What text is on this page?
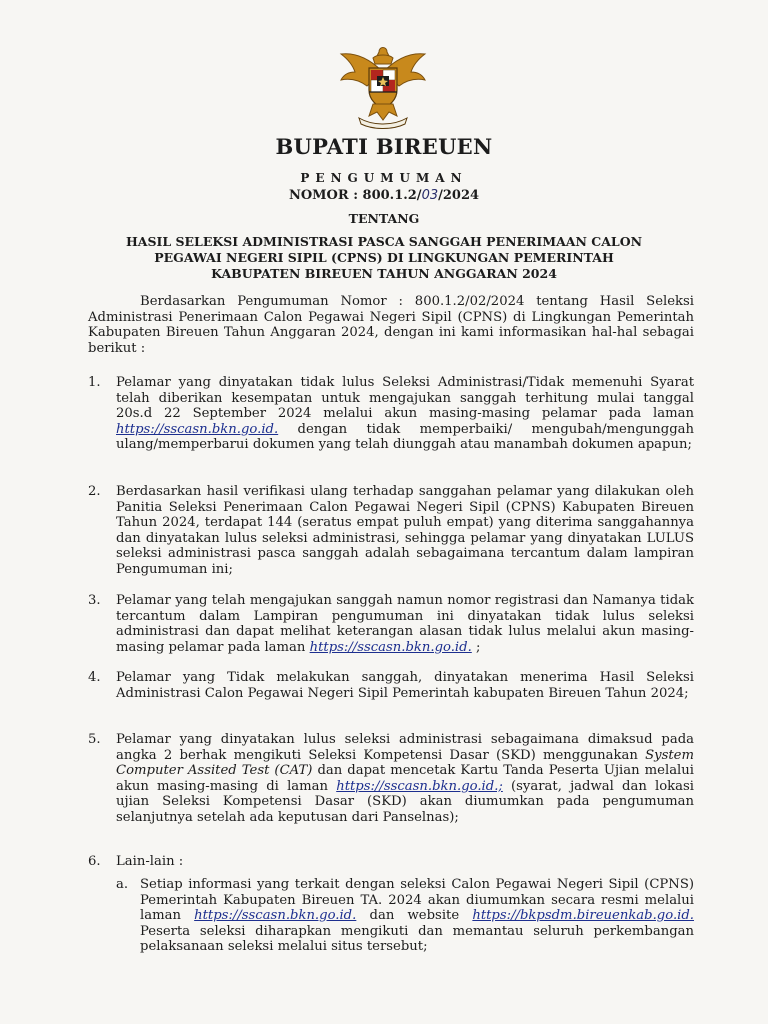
BUPATI BIREUEN
PENGUMUMAN
NOMOR : 800.1.2/03/2024
TENTANG
HASIL SELEKSI ADMINISTRASI PASCA SANGGAH PENERIMAAN CALON
PEGAWAI NEGERI SIPIL (CPNS) DI LINGKUNGAN PEMERINTAH
KABUPATEN BIREUEN TAHUN ANGGARAN 2024
Berdasarkan Pengumuman Nomor : 800.1.2/02/2024 tentang Hasil Seleksi Administrasi Penerimaan Calon Pegawai Negeri Sipil (CPNS) di Lingkungan Pemerintah Kabupaten Bireuen Tahun Anggaran 2024, dengan ini kami informasikan hal-hal sebagai berikut :
1. Pelamar yang dinyatakan tidak lulus Seleksi Administrasi/Tidak memenuhi Syarat telah diberikan kesempatan untuk mengajukan sanggah terhitung mulai tanggal 20s.d 22 September 2024 melalui akun masing-masing pelamar pada laman https://sscasn.bkn.go.id. dengan tidak memperbaiki/ mengubah/mengunggah ulang/memperbarui dokumen yang telah diunggah atau manambah dokumen apapun;
2. Berdasarkan hasil verifikasi ulang terhadap sanggahan pelamar yang dilakukan oleh Panitia Seleksi Penerimaan Calon Pegawai Negeri Sipil (CPNS) Kabupaten Bireuen Tahun 2024, terdapat 144 (seratus empat puluh empat) yang diterima sanggahannya dan dinyatakan lulus seleksi administrasi, sehingga pelamar yang dinyatakan LULUS seleksi administrasi pasca sanggah adalah sebagaimana tercantum dalam lampiran Pengumuman ini;
3. Pelamar yang telah mengajukan sanggah namun nomor registrasi dan Namanya tidak tercantum dalam Lampiran pengumuman ini dinyatakan tidak lulus seleksi administrasi dan dapat melihat keterangan alasan tidak lulus melalui akun masing-masing pelamar pada laman https://sscasn.bkn.go.id. ;
4. Pelamar yang Tidak melakukan sanggah, dinyatakan menerima Hasil Seleksi Administrasi Calon Pegawai Negeri Sipil Pemerintah kabupaten Bireuen Tahun 2024;
5. Pelamar yang dinyatakan lulus seleksi administrasi sebagaimana dimaksud pada angka 2 berhak mengikuti Seleksi Kompetensi Dasar (SKD) menggunakan System Computer Assited Test (CAT) dan dapat mencetak Kartu Tanda Peserta Ujian melalui akun masing-masing di laman https://sscasn.bkn.go.id.; (syarat, jadwal dan lokasi ujian Seleksi Kompetensi Dasar (SKD) akan diumumkan pada pengumuman selanjutnya setelah ada keputusan dari Panselnas);
6. Lain-lain :
a. Setiap informasi yang terkait dengan seleksi Calon Pegawai Negeri Sipil (CPNS) Pemerintah Kabupaten Bireuen TA. 2024 akan diumumkan secara resmi melalui laman https://sscasn.bkn.go.id. dan website https://bkpsdm.bireuenkab.go.id. Peserta seleksi diharapkan mengikuti dan memantau seluruh perkembangan pelaksanaan seleksi melalui situs tersebut;
